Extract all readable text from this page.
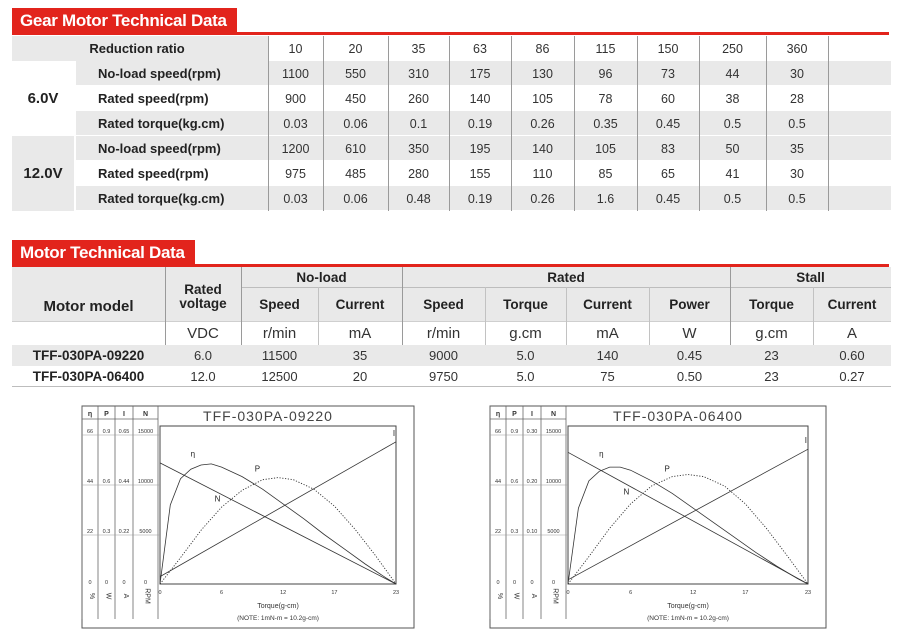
Gear Motor Technical Data
Reduction ratio	10	20	35	63	86	115	150	250	360
No-load speed(rpm)	1100	550	310	175	130	96	73	44	30
Rated speed(rpm)	900	450	260	140	105	78	60	38	28
Rated torque(kg.cm)	0.03	0.06	0.1	0.19	0.26	0.35	0.45	0.5	0.5
6.0V
No-load speed(rpm)	1200	610	350	195	140	105	83	50	35
Rated speed(rpm)	975	485	280	155	110	85	65	41	30
Rated torque(kg.cm)	0.03	0.06	0.48	0.19	0.26	1.6	0.45	0.5	0.5
12.0V
Motor Technical Data
Motor model
Rated voltage
No-load	Rated	Stall
Speed	Current	Speed	Torque	Current	Power	Torque	Current
VDC	r/min	mA	r/min	g.cm	mA	W	g.cm	A
TFF-030PA-09220	6.0	11500	35	9000	5.0	140	0.45	23	0.60
TFF-030PA-06400	12.0	12500	20	9750	5.0	75	0.50	23	0.27
η P I	N	TFF-030PA-09220
66 0.9 0.65 15000
44 0.6 0.44 10000
22 0.3 0.22 5000
0 0	0	0
% W A RPM 0	6	12	17	23
Torque(g-cm)
(NOTE: 1mN-m = 10.2g-cm)
N
I
η
P
η P I	N	TFF-030PA-06400
66 0.9 0.30 15000
44 0.6 0.20 10000
22 0.3 0.10 5000
0 0	0	0
% W A RPM 0	6	12	17	23
Torque(g-cm)
(NOTE: 1mN-m = 10.2g-cm)
N
I
η
P
